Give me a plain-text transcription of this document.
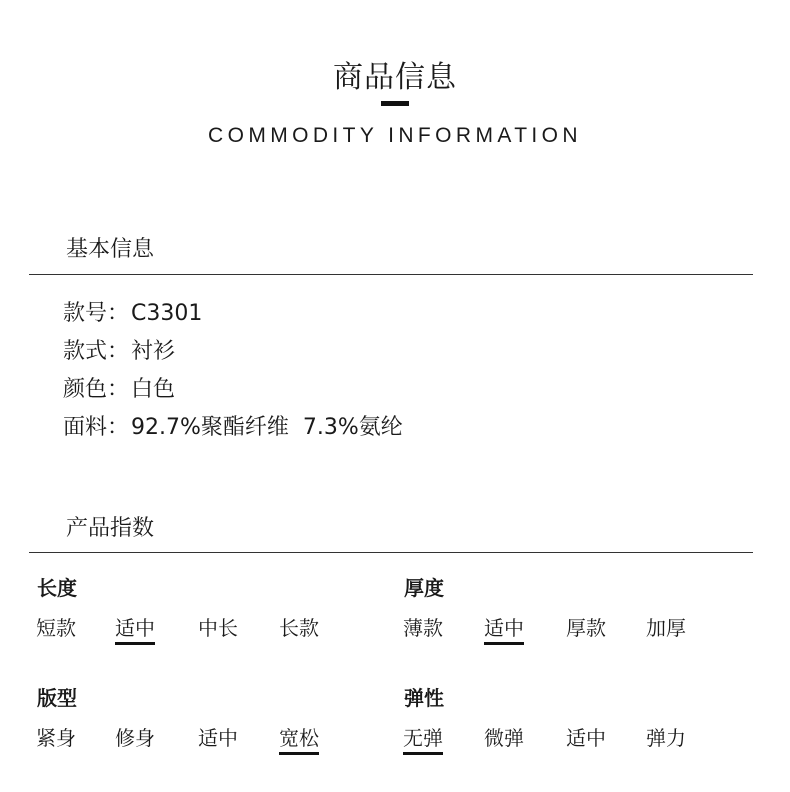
商品信息
COMMODITY INFORMATION
基本信息
款号：C3301
款式：衬衫
颜色：白色
面料：92.7%聚酯纤维  7.3%氨纶
产品指数
长度
短款 适中 中长 长款
厚度
薄款 适中 厚款 加厚
版型
紧身 修身 适中 宽松
弹性
无弹 微弹 适中 弹力
